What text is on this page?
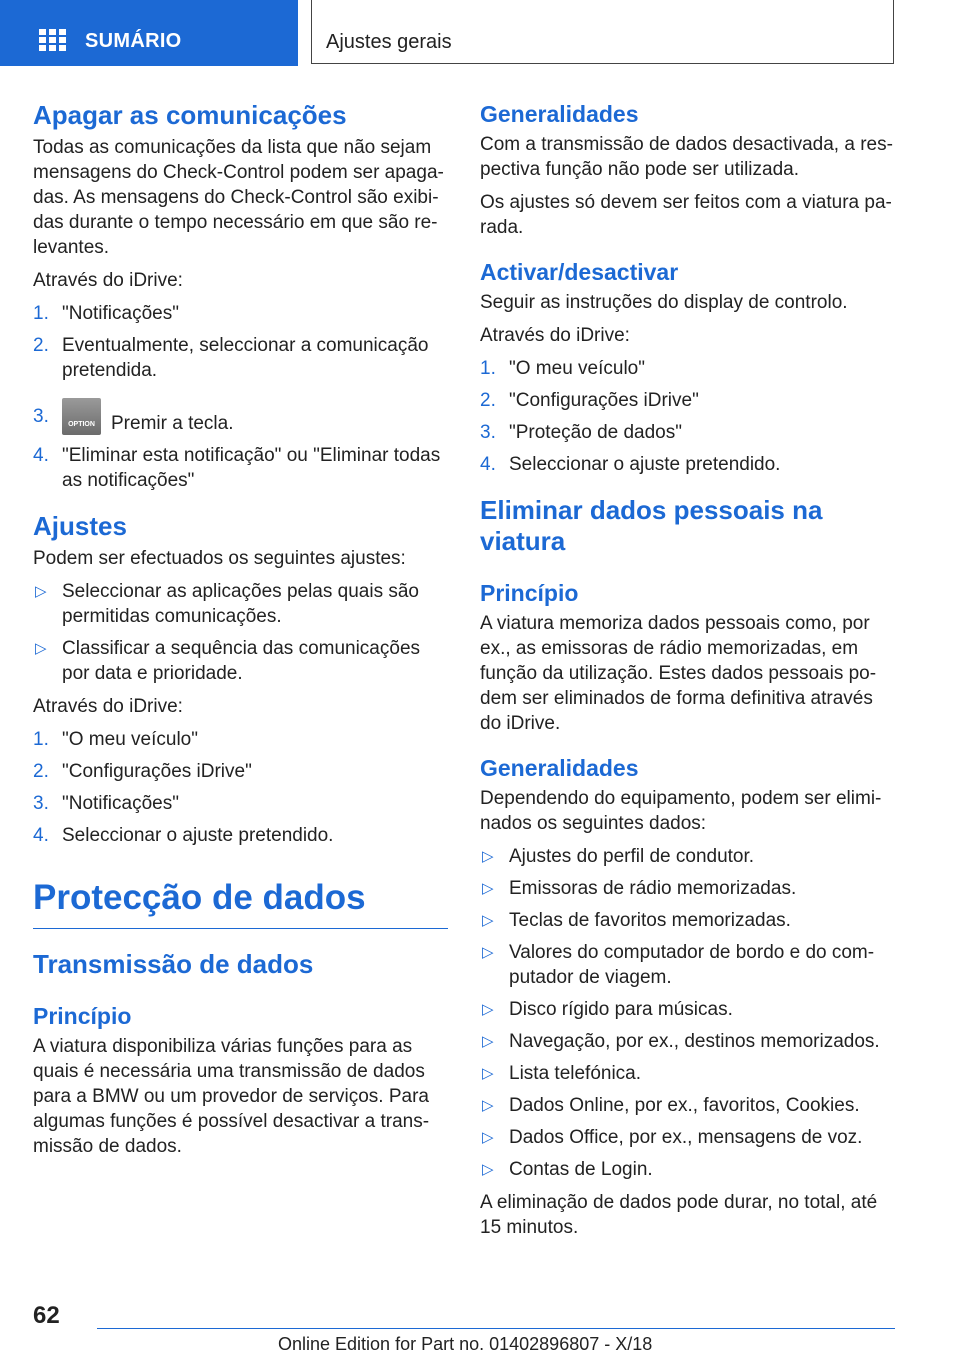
SUMÁRIO	Ajustes gerais
Apagar as comunicações

Todas as comunicações da lista que não sejam mensagens do Check-Control podem ser apaga- das. As mensagens do Check-Control são exibi- das durante o tempo necessário em que são re- levantes.

Através do iDrive:

1. "Notificações"
2. Eventualmente, seleccionar a comunicação pretendida.
3.	OPTION Premir a tecla.
4. "Eliminar esta notificação" ou "Eliminar todas as notificações"
Ajustes

Podem ser efectuados os seguintes ajustes:

▷ Seleccionar as aplicações pelas quais são permitidas comunicações.
▷ Classificar a sequência das comunicações por data e prioridade.

Através do iDrive:

1. "O meu veículo"
2. "Configurações iDrive"
3. "Notificações"
4. Seleccionar o ajuste pretendido.
Protecção de dados
Transmissão de dados
Princípio

A viatura disponibiliza várias funções para as quais é necessária uma transmissão de dados para a BMW ou um provedor de serviços. Para algumas funções é possível desactivar a trans- missão de dados.

Generalidades

Com a transmissão de dados desactivada, a res- pectiva função não pode ser utilizada.

Os ajustes só devem ser feitos com a viatura pa- rada.

Activar/desactivar

Seguir as instruções do display de controlo.

Através do iDrive:

1. "O meu veículo"
2. "Configurações iDrive"
3. "Proteção de dados"
4. Seleccionar o ajuste pretendido.
Eliminar dados pessoais na viatura
Princípio

A viatura memoriza dados pessoais como, por ex., as emissoras de rádio memorizadas, em função da utilização. Estes dados pessoais po- dem ser eliminados de forma definitiva através do iDrive.

Generalidades

Dependendo do equipamento, podem ser elimi- nados os seguintes dados:

▷ Ajustes do perfil de condutor.
▷ Emissoras de rádio memorizadas.
▷ Teclas de favoritos memorizadas.
▷ Valores do computador de bordo e do com- putador de viagem.
▷ Disco rígido para músicas.
▷ Navegação, por ex., destinos memorizados.
▷ Lista telefónica.
▷ Dados Online, por ex., favoritos, Cookies.
▷ Dados Office, por ex., mensagens de voz.
▷ Contas de Login.

A eliminação de dados pode durar, no total, até 15 minutos.

62
Online Edition for Part no. 01402896807 - X/18
